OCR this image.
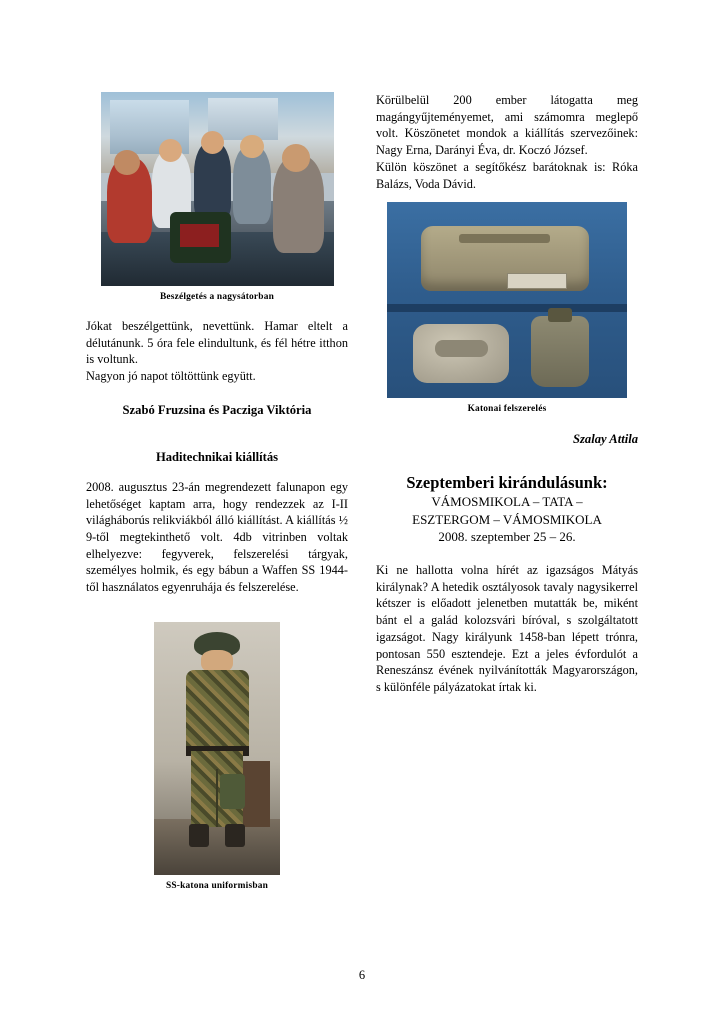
Beszélgetés a nagysátorban

Jókat beszélgettünk, nevettünk. Hamar eltelt a délutánunk. 5 óra fele elindultunk, és fél hétre itthon is voltunk.

Nagyon jó napot töltöttünk együtt.

Szabó Fruzsina és Pacziga Viktória
Haditechnikai kiállítás

2008. augusztus 23-án megrendezett falunapon egy lehetőséget kaptam arra, hogy rendezzek az I-II világháborús relikviákból álló kiállítást. A kiállítás ½ 9-től megtekinthető volt. 4db vitrinben voltak elhelyezve: fegyverek, felszerelési tárgyak, személyes holmik, és egy bábun a Waffen SS 1944-től használatos egyenruhája és felszerelése.

SS-katona uniformisban

Körülbelül 200 ember látogatta meg magángyűjteményemet, ami számomra meglepő volt. Köszönetet mondok a kiállítás szervezőinek: Nagy Erna, Darányi Éva, dr. Koczó József.

Külön köszönet a segítőkész barátoknak is: Róka Balázs, Voda Dávid.

Katonai felszerelés
Szalay Attila
Szeptemberi kirándulásunk:
VÁMOSMIKOLA – TATA –
ESZTERGOM – VÁMOSMIKOLA
2008. szeptember 25 – 26.

Ki ne hallotta volna hírét az igazságos Mátyás királynak? A hetedik osztályosok tavaly nagysikerrel kétszer is előadott jelenetben mutatták be, miként bánt el a galád kolozsvári bíróval, s szolgáltatott igazságot. Nagy királyunk 1458-ban lépett trónra, pontosan 550 esztendeje. Ezt a jeles évfordulót a Reneszánsz évének nyilvánították Magyarországon, s különféle pályázatokat írtak ki.

6
